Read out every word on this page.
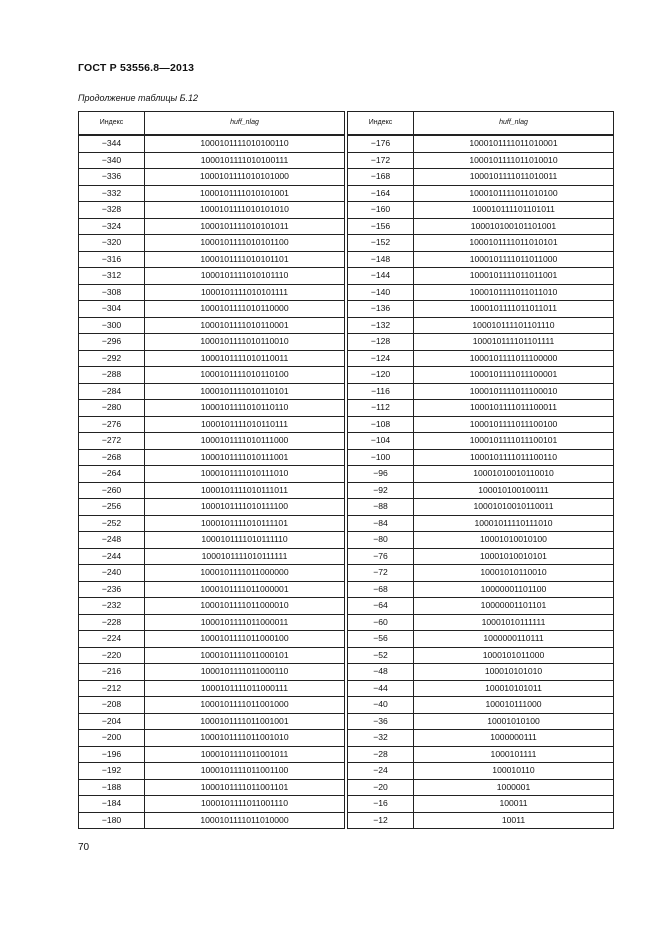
ГОСТ Р 53556.8—2013
Продолжение таблицы Б.12
Индекс	huff_nlag
−344	1000101111010100110
−340	1000101111010100111
−336	1000101111010101000
−332	1000101111010101001
−328	1000101111010101010
−324	1000101111010101011
−320	1000101111010101100
−316	1000101111010101101
−312	1000101111010101110
−308	1000101111010101111
−304	1000101111010110000
−300	1000101111010110001
−296	1000101111010110010
−292	1000101111010110011
−288	1000101111010110100
−284	1000101111010110101
−280	1000101111010110110
−276	1000101111010110111
−272	1000101111010111000
−268	1000101111010111001
−264	1000101111010111010
−260	1000101111010111011
−256	1000101111010111100
−252	1000101111010111101
−248	1000101111010111110
−244	1000101111010111111
−240	1000101111011000000
−236	1000101111011000001
−232	1000101111011000010
−228	1000101111011000011
−224	1000101111011000100
−220	1000101111011000101
−216	1000101111011000110
−212	1000101111011000111
−208	1000101111011001000
−204	1000101111011001001
−200	1000101111011001010
−196	1000101111011001011
−192	1000101111011001100
−188	1000101111011001101
−184	1000101111011001110
−180	1000101111011010000
Индекс	huff_nlag
−176	1000101111011010001
−172	1000101111011010010
−168	1000101111011010011
−164	1000101111011010100
−160	100010111101101011
−156	100010100101101001
−152	1000101111011010101
−148	1000101111011011000
−144	1000101111011011001
−140	1000101111011011010
−136	1000101111011011011
−132	100010111101101110
−128	100010111101101111
−124	1000101111011100000
−120	1000101111011100001
−116	1000101111011100010
−112	1000101111011100011
−108	1000101111011100100
−104	1000101111011100101
−100	1000101111011100110
−96	10001010010110010
−92	100010100100111
−88	10001010010110011
−84	10001011110111010
−80	10001010010100
−76	10001010010101
−72	10001010110010
−68	10000001101100
−64	10000001101101
−60	10001010111111
−56	1000000110111
−52	1000101011000
−48	100010101010
−44	100010101011
−40	100010111000
−36	10001010100
−32	1000000111
−28	1000101111
−24	100010110
−20	1000001
−16	100011
−12	10011
70
